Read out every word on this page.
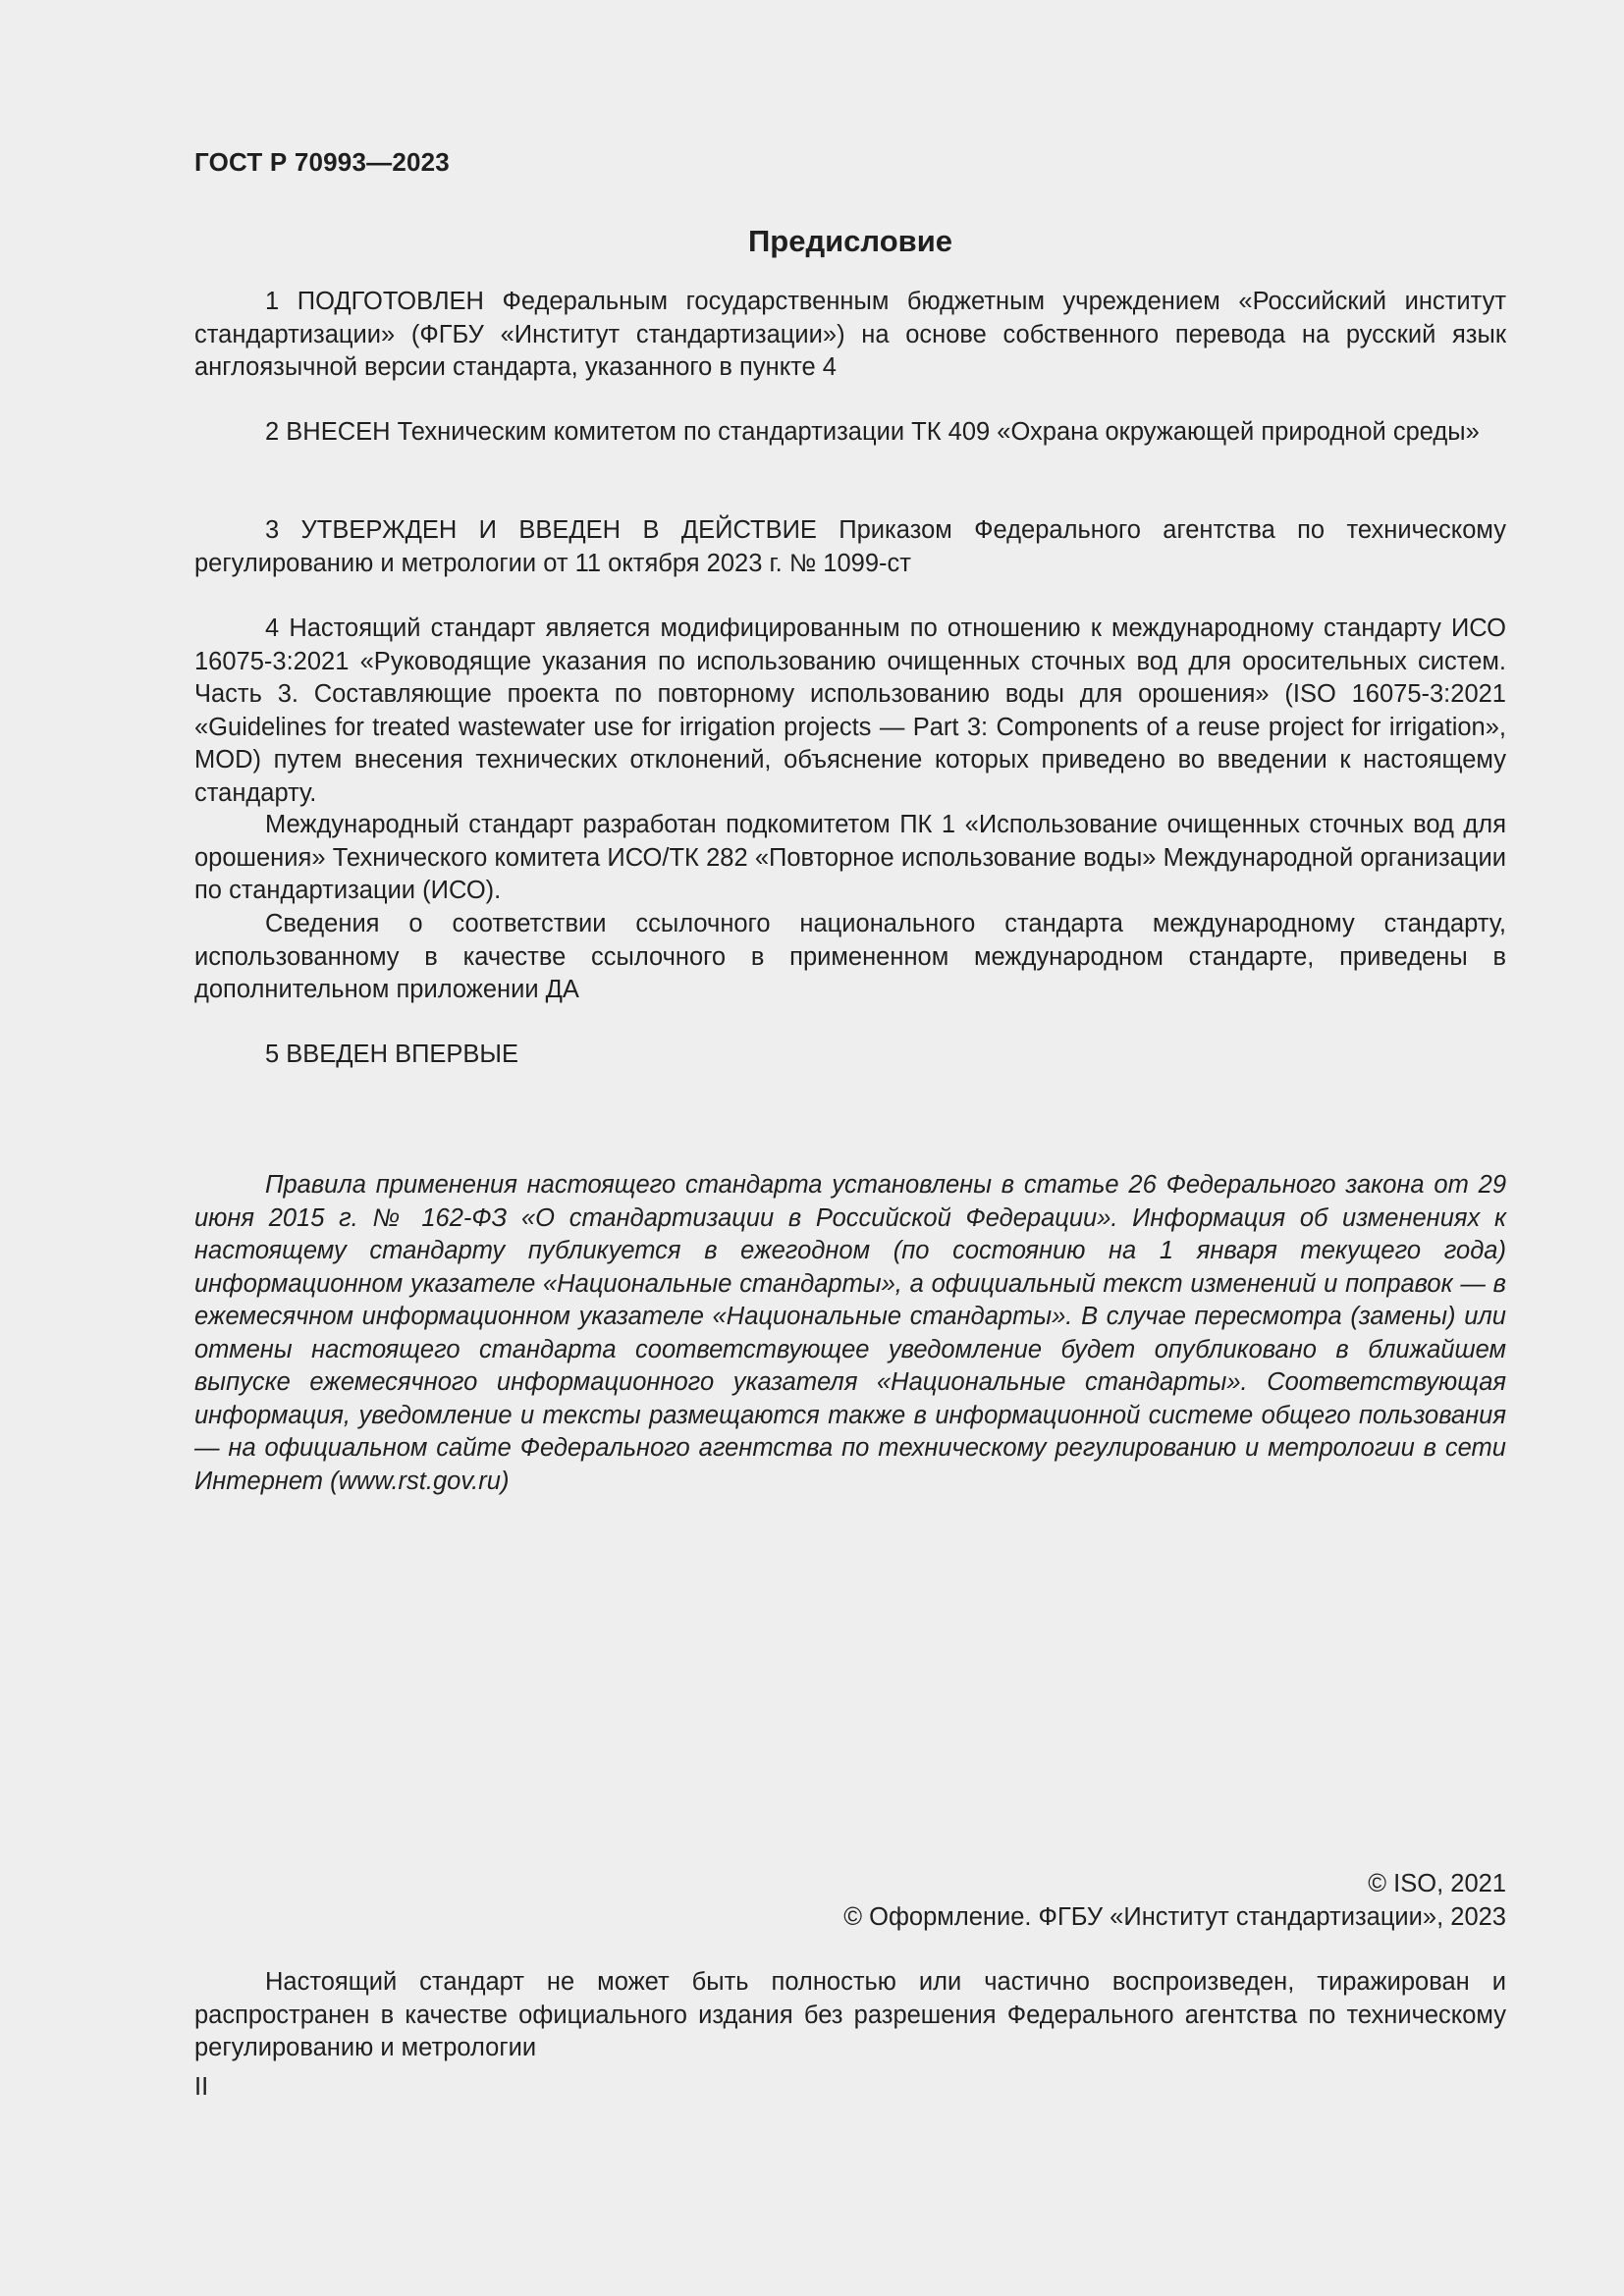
ГОСТ Р 70993—2023
Предисловие

1 ПОДГОТОВЛЕН Федеральным государственным бюджетным учреждением «Российский институт стандартизации» (ФГБУ «Институт стандартизации») на основе собственного перевода на русский язык англоязычной версии стандарта, указанного в пункте 4

2 ВНЕСЕН Техническим комитетом по стандартизации ТК 409 «Охрана окружающей природной среды»

3 УТВЕРЖДЕН И ВВЕДЕН В ДЕЙСТВИЕ Приказом Федерального агентства по техническому регулированию и метрологии от 11 октября 2023 г. № 1099-ст

4 Настоящий стандарт является модифицированным по отношению к международному стандарту ИСО 16075-3:2021 «Руководящие указания по использованию очищенных сточных вод для оросительных систем. Часть 3. Составляющие проекта по повторному использованию воды для орошения» (ISO 16075-3:2021 «Guidelines for treated wastewater use for irrigation projects — Part 3: Components of a reuse project for irrigation», MOD) путем внесения технических отклонений, объяснение которых приведено во введении к настоящему стандарту.

Международный стандарт разработан подкомитетом ПК 1 «Использование очищенных сточных вод для орошения» Технического комитета ИСО/ТК 282 «Повторное использование воды» Международной организации по стандартизации (ИСО).

Сведения о соответствии ссылочного национального стандарта международному стандарту, использованному в качестве ссылочного в примененном международном стандарте, приведены в дополнительном приложении ДА

5 ВВЕДЕН ВПЕРВЫЕ

Правила применения настоящего стандарта установлены в статье 26 Федерального закона от 29 июня 2015 г. № 162-ФЗ «О стандартизации в Российской Федерации». Информация об изменениях к настоящему стандарту публикуется в ежегодном (по состоянию на 1 января текущего года) информационном указателе «Национальные стандарты», а официальный текст изменений и поправок — в ежемесячном информационном указателе «Национальные стандарты». В случае пересмотра (замены) или отмены настоящего стандарта соответствующее уведомление будет опубликовано в ближайшем выпуске ежемесячного информационного указателя «Национальные стандарты». Соответствующая информация, уведомление и тексты размещаются также в информационной системе общего пользования — на официальном сайте Федерального агентства по техническому регулированию и метрологии в сети Интернет (www.rst.gov.ru)

© ISO, 2021
© Оформление. ФГБУ «Институт стандартизации», 2023

Настоящий стандарт не может быть полностью или частично воспроизведен, тиражирован и распространен в качестве официального издания без разрешения Федерального агентства по техническому регулированию и метрологии

II
